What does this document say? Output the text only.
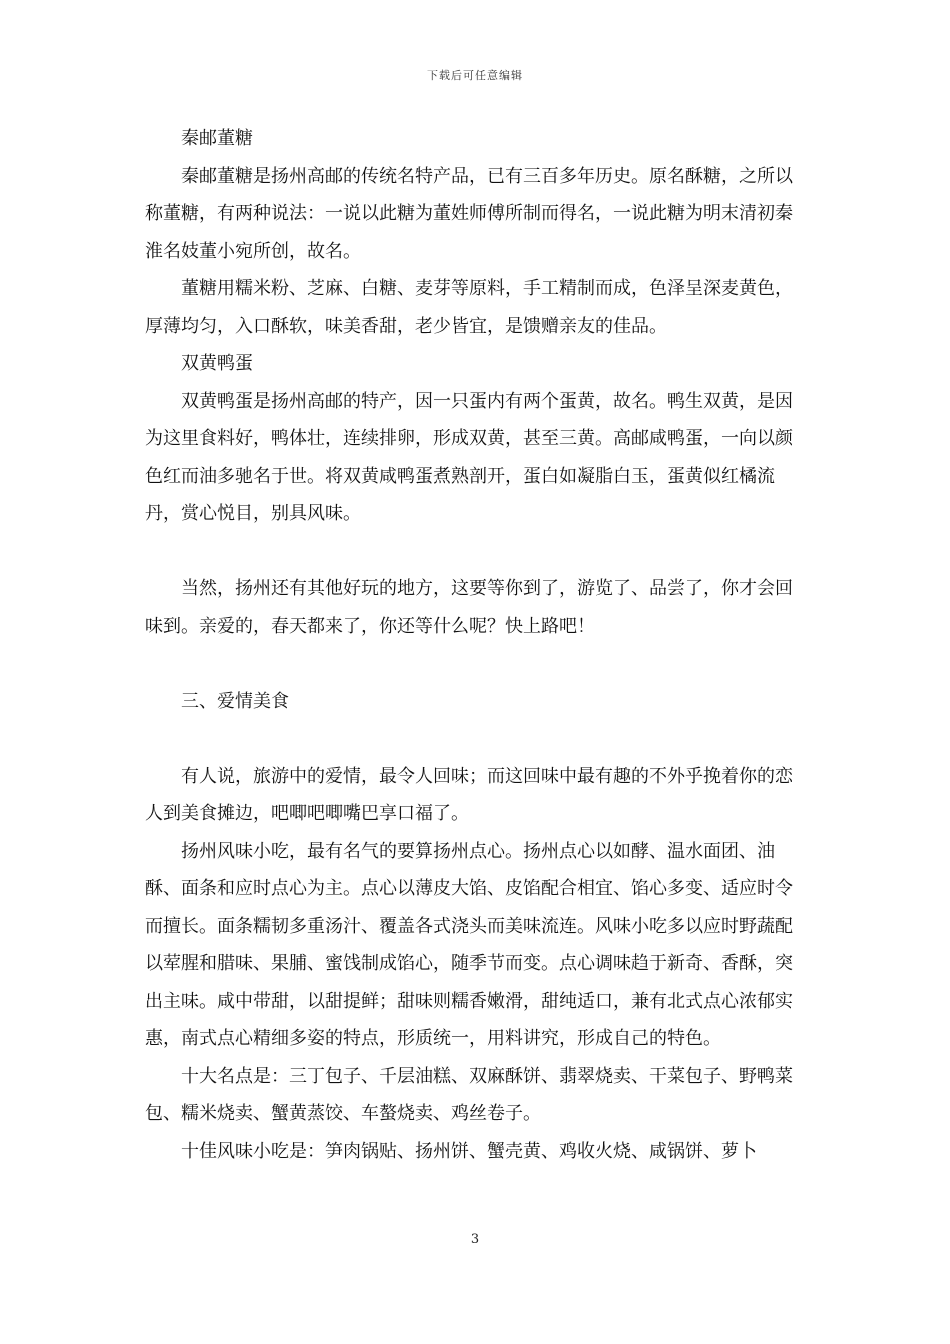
下载后可任意编辑

秦邮董糖

秦邮董糖是扬州高邮的传统名特产品，已有三百多年历史。原名酥糖，之所以称董糖，有两种说法：一说以此糖为董姓师傅所制而得名，一说此糖为明末清初秦淮名妓董小宛所创，故名。

董糖用糯米粉、芝麻、白糖、麦芽等原料，手工精制而成，色泽呈深麦黄色，厚薄均匀，入口酥软，味美香甜，老少皆宜，是馈赠亲友的佳品。

双黄鸭蛋

双黄鸭蛋是扬州高邮的特产，因一只蛋内有两个蛋黄，故名。鸭生双黄，是因为这里食料好，鸭体壮，连续排卵，形成双黄，甚至三黄。高邮咸鸭蛋，一向以颜色红而油多驰名于世。将双黄咸鸭蛋煮熟剖开，蛋白如凝脂白玉，蛋黄似红橘流丹，赏心悦目，别具风味。

当然，扬州还有其他好玩的地方，这要等你到了，游览了、品尝了，你才会回味到。亲爱的，春天都来了，你还等什么呢？快上路吧！

三、爱情美食

有人说，旅游中的爱情，最令人回味；而这回味中最有趣的不外乎挽着你的恋人到美食摊边，吧唧吧唧嘴巴享口福了。

扬州风味小吃，最有名气的要算扬州点心。扬州点心以如酵、温水面团、油酥、面条和应时点心为主。点心以薄皮大馅、皮馅配合相宜、馅心多变、适应时令而擅长。面条糯韧多重汤汁、覆盖各式浇头而美味流连。风味小吃多以应时野蔬配以荤腥和腊味、果脯、蜜饯制成馅心，随季节而变。点心调味趋于新奇、香酥，突出主味。咸中带甜，以甜提鲜；甜味则糯香嫩滑，甜纯适口，兼有北式点心浓郁实惠，南式点心精细多姿的特点，形质统一，用料讲究，形成自己的特色。

十大名点是：三丁包子、千层油糕、双麻酥饼、翡翠烧卖、干菜包子、野鸭菜包、糯米烧卖、蟹黄蒸饺、车螯烧卖、鸡丝卷子。

十佳风味小吃是：笋肉锅贴、扬州饼、蟹壳黄、鸡收火烧、咸锅饼、萝卜

3
